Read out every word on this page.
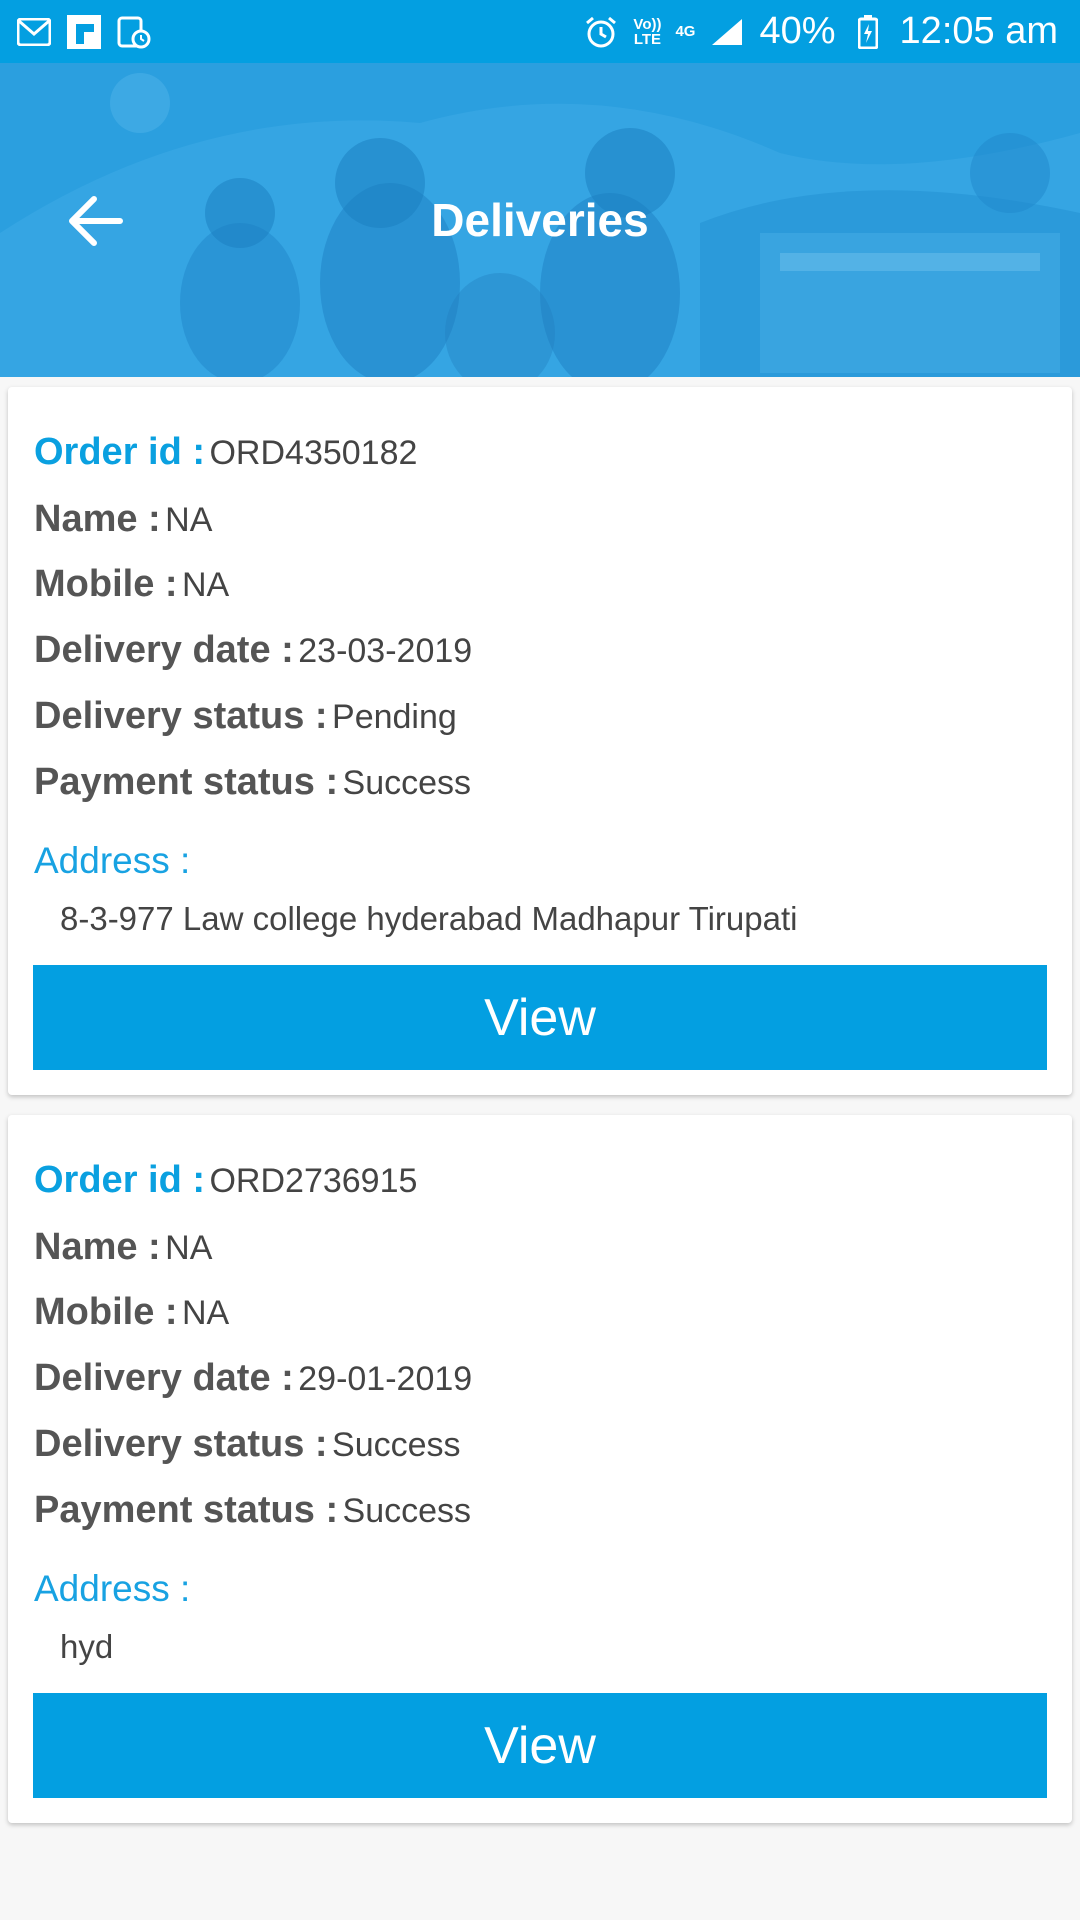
Vo))
LTE 4G 40% 12:05 am
Deliveries
Order id : ORD4350182
Name : NA
Mobile : NA
Delivery date : 23-03-2019
Delivery status : Pending
Payment status : Success
Address :
8-3-977 Law college hyderabad Madhapur Tirupati
View
Order id : ORD2736915
Name : NA
Mobile : NA
Delivery date : 29-01-2019
Delivery status : Success
Payment status : Success
Address :
hyd
View
